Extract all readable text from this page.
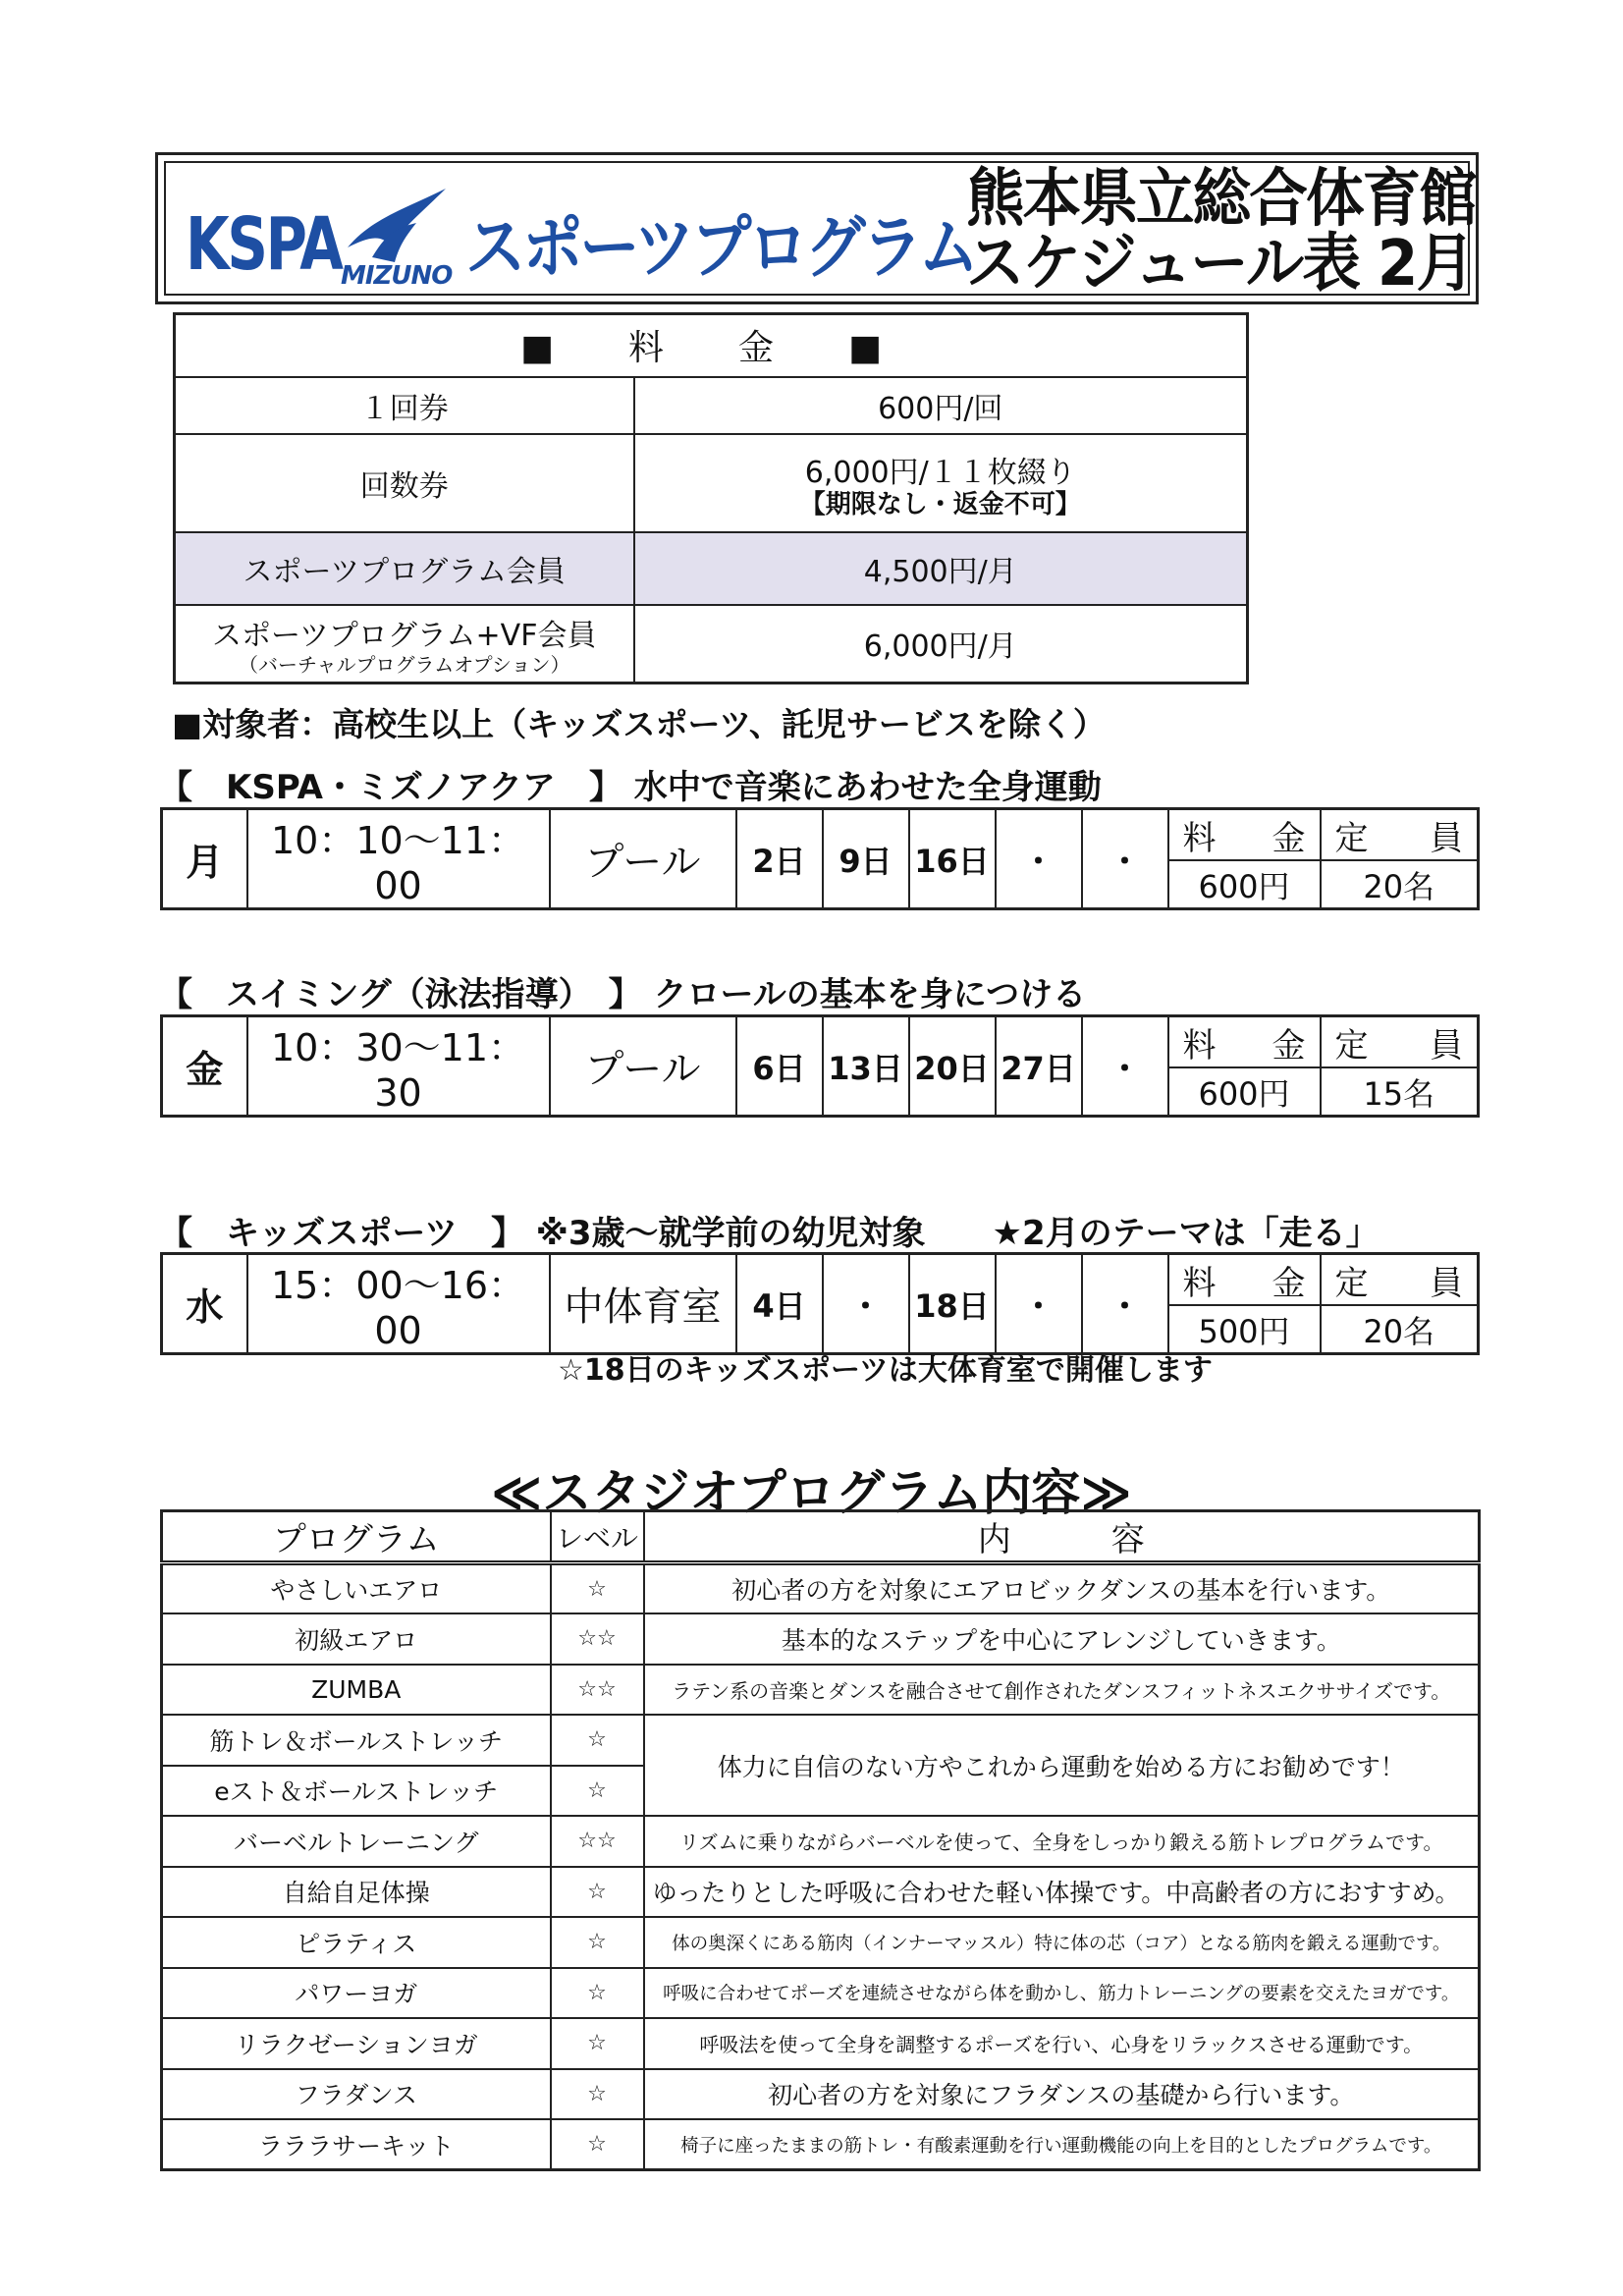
KSPA MIZUNO スポーツプログラム
熊本県立総合体育館
スケジュール表 2月
■　料　金　■	
１回券	600円/回
回数券	6,000円/１１枚綴り
【期限なし・返金不可】

スポーツプログラム会員	4,500円/月

スポーツプログラム+VF会員
（バーチャルプログラムオプション）	6,000円/月
■対象者：高校生以上（キッズスポーツ、託児サービスを除く）
【　KSPA・ミズノアクア　】 水中で音楽にあわせた全身運動
月	10：10～11：00	プール	2日	9日	16日	・	・	料金	定員
								600円	20名
【　スイミング（泳法指導）　】 クロールの基本を身につける
金	10：30～11：30	プール	6日	13日	20日	27日	・	料金	定員
								600円	15名
【　キッズスポーツ　】 ※3歳～就学前の幼児対象　　★2月のテーマは「走る」
水	15：00～16：00	中体育室	4日	・	18日	・	・	料金	定員
								500円	20名
☆18日のキッズスポーツは大体育室で開催します
≪スタジオプログラム内容≫
プログラム	レベル	内　　　容
やさしいエアロ	☆	初心者の方を対象にエアロビックダンスの基本を行います。
初級エアロ	☆☆	基本的なステップを中心にアレンジしていきます。
ZUMBA	☆☆	ラテン系の音楽とダンスを融合させて創作されたダンスフィットネスエクササイズです。
筋トレ＆ボールストレッチ	☆	体力に自信のない方やこれから運動を始める方にお勧めです！
eスト＆ボールストレッチ	☆	
バーベルトレーニング	☆☆	リズムに乗りながらバーベルを使って、全身をしっかり鍛える筋トレプログラムです。
自給自足体操	☆	ゆったりとした呼吸に合わせた軽い体操です。中高齢者の方におすすめ。
ピラティス	☆	体の奥深くにある筋肉（インナーマッスル）特に体の芯（コア）となる筋肉を鍛える運動です。
パワーヨガ	☆	呼吸に合わせてポーズを連続させながら体を動かし、筋力トレーニングの要素を交えたヨガです。
リラクゼーションヨガ	☆	呼吸法を使って全身を調整するポーズを行い、心身をリラックスさせる運動です。
フラダンス	☆	初心者の方を対象にフラダンスの基礎から行います。
ラララサーキット	☆	椅子に座ったままの筋トレ・有酸素運動を行い運動機能の向上を目的としたプログラムです。
